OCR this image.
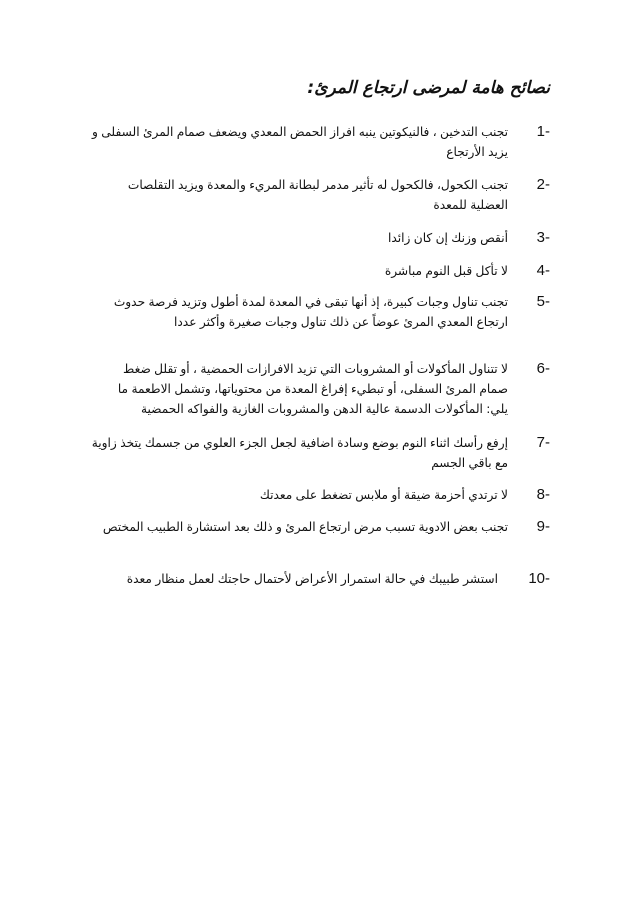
نصائح هامة لمرضى ارتجاع المرئ:
1-
تجنب التدخين ، فالنيكوتين ينبه افراز الحمض المعدي ويضعف صمام المرئ السفلى و يزيد الأرتجاع
2-
تجنب الكحول، فالكحول له تأثير مدمر لبطانة المريء والمعدة ويزيد التقلصات العضلية للمعدة
3-
أنقص وزنك إن كان زائدا
4-
لا تأكل قبل النوم مباشرة
5-
تجنب تناول وجبات كبيرة، إذ أنها تبقى في المعدة لمدة أطول وتزيد فرصة حدوث ارتجاع المعدي المرئ عوضاً عن ذلك تناول وجبات صغيرة وأكثر عددا
6-
لا تتناول المأكولات أو المشروبات التي تزيد الافرازات الحمضية ، أو تقلل ضغط صمام المرئ السفلى، أو تبطيء إفراغ المعدة من محتوياتها، وتشمل الاطعمة ما يلي: المأكولات الدسمة عالية الدهن والمشروبات الغازية والفواكه الحمضية
7-
إرفع رأسك اثناء النوم بوضع وسادة اضافية لجعل الجزء العلوي من جسمك يتخذ زاوية مع باقي الجسم
8-
لا ترتدي أحزمة ضيقة أو ملابس تضغط على معدتك
9-
تجنب بعض الادوية تسبب مرض ارتجاع المرئ و ذلك بعد استشارة الطبيب المختص
10-
استشر طبيبك في حالة استمرار الأعراض لأحتمال حاجتك لعمل منظار معدة
